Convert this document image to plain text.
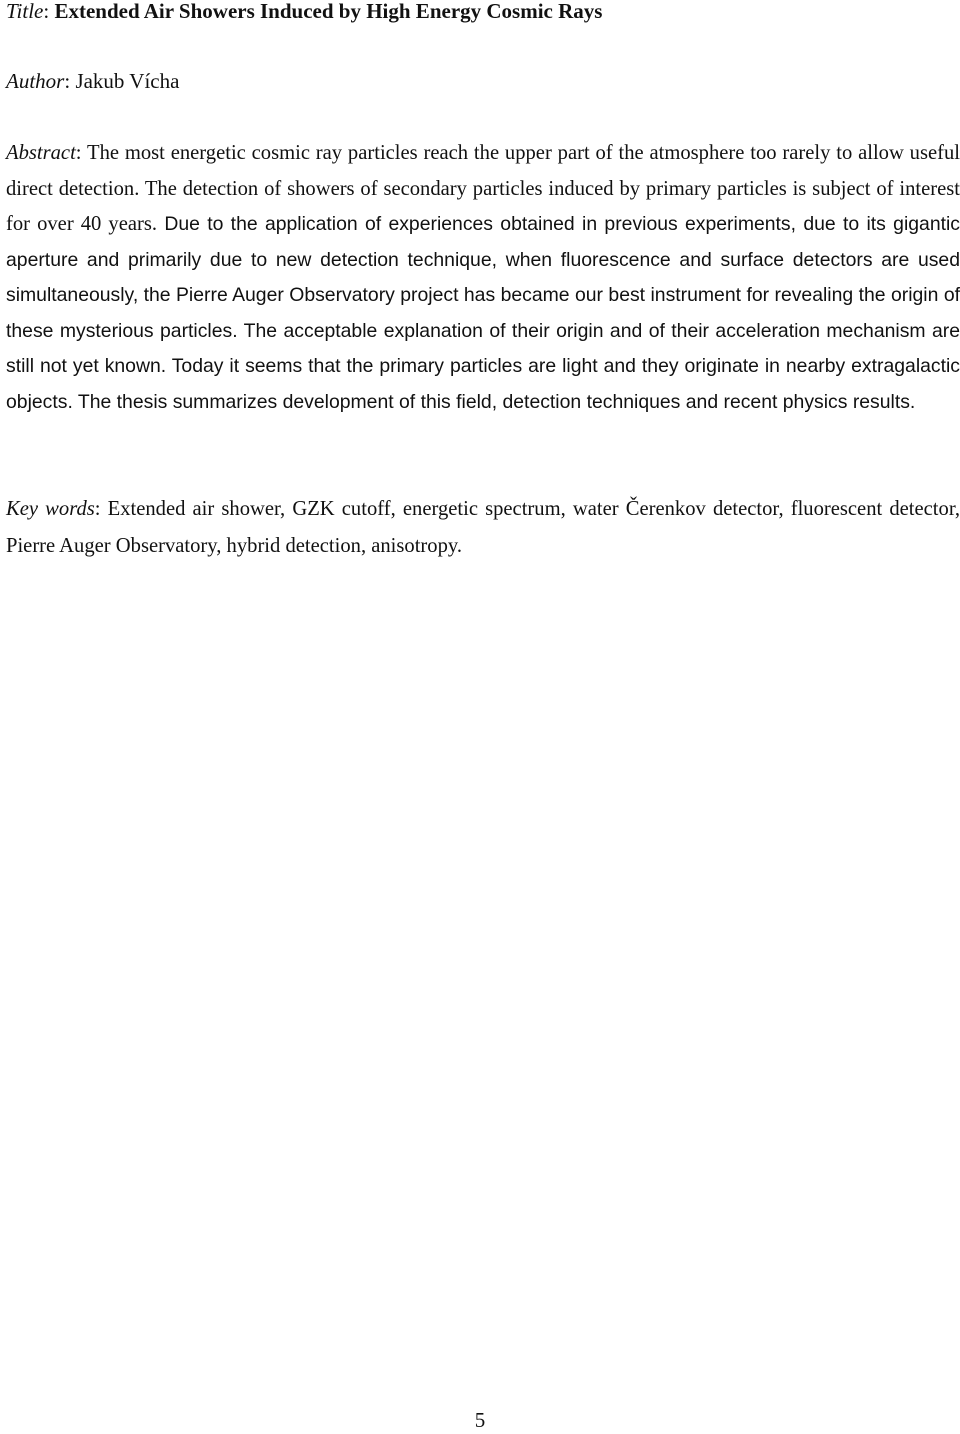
Title: Extended Air Showers Induced by High Energy Cosmic Rays

Author: Jakub Vícha

Abstract: The most energetic cosmic ray particles reach the upper part of the atmosphere too rarely to allow useful direct detection. The detection of showers of secondary particles induced by primary particles is subject of interest for over 40 years. Due to the application of experiences obtained in previous experiments, due to its gigantic aperture and primarily due to new detection technique, when fluorescence and surface detectors are used simultaneously, the Pierre Auger Observatory project has became our best instrument for revealing the origin of these mysterious particles. The acceptable explanation of their origin and of their acceleration mechanism are still not yet known. Today it seems that the primary particles are light and they originate in nearby extragalactic objects. The thesis summarizes development of this field, detection techniques and recent physics results.

Key words: Extended air shower, GZK cutoff, energetic spectrum, water Čerenkov detector, fluorescent detector, Pierre Auger Observatory, hybrid detection, anisotropy.

5
